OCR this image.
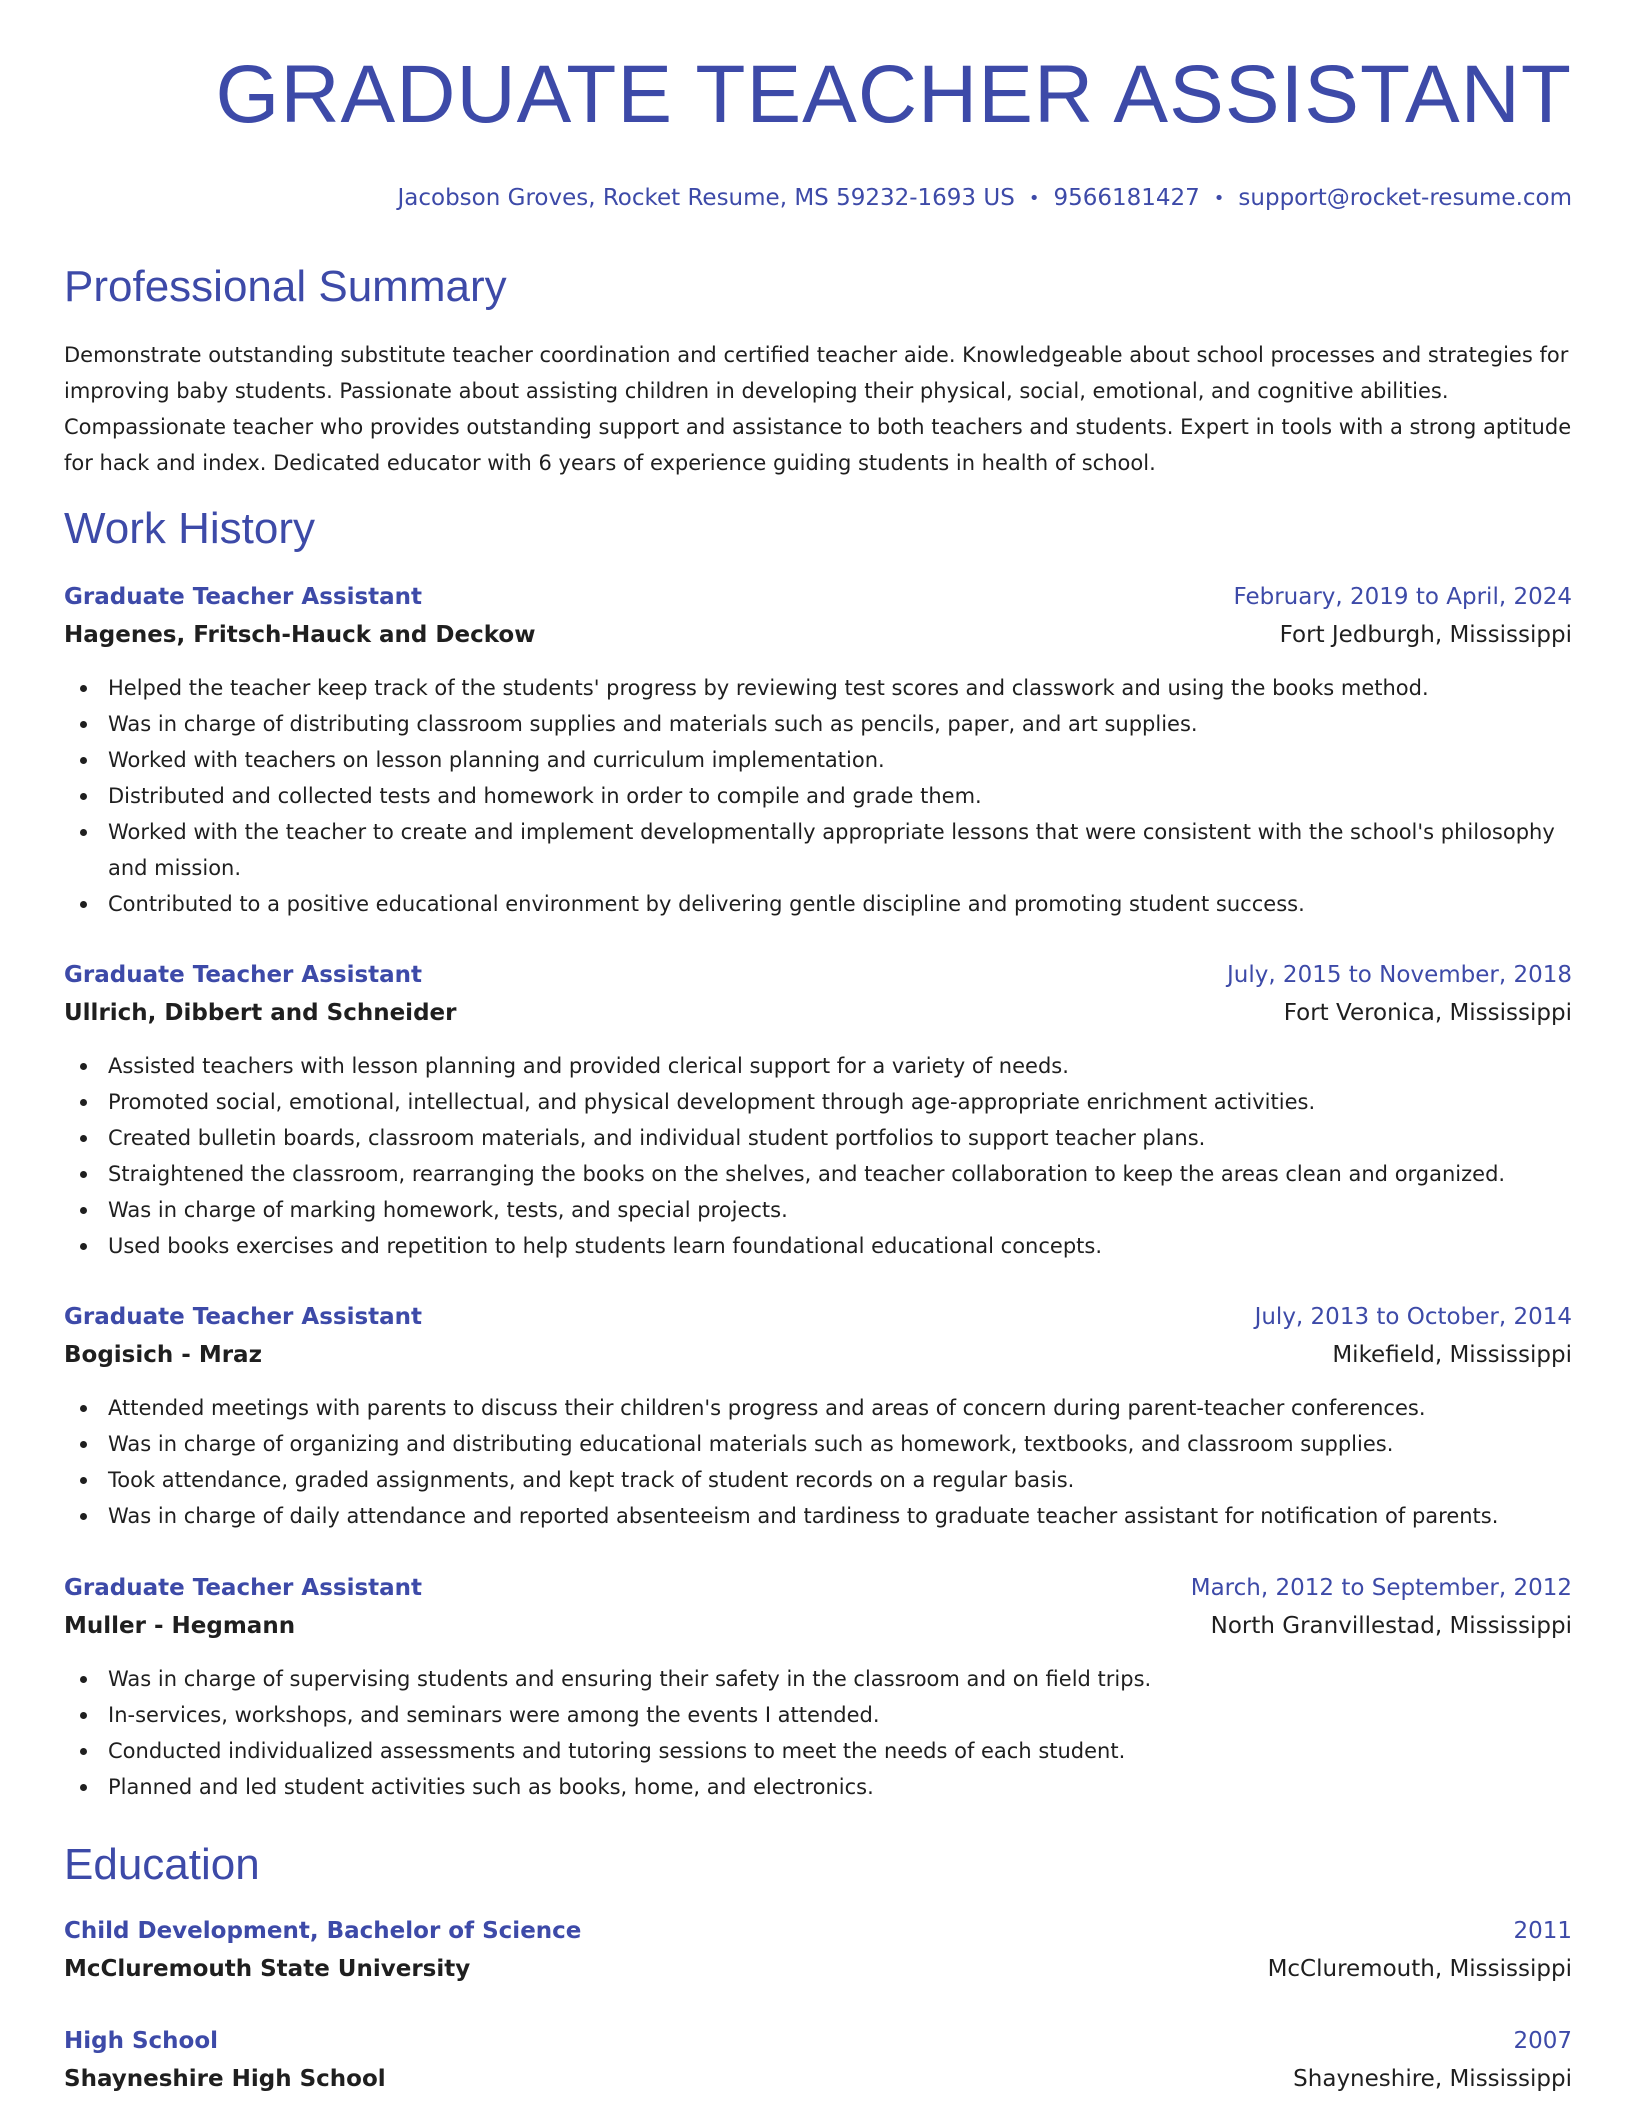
GRADUATE TEACHER ASSISTANT
Jacobson Groves, Rocket Resume, MS 59232-1693 US • 9566181427 • support@rocket-resume.com
Professional Summary

Demonstrate outstanding substitute teacher coordination and certified teacher aide. Knowledgeable about school processes and strategies for improving baby students. Passionate about assisting children in developing their physical, social, emotional, and cognitive abilities. Compassionate teacher who provides outstanding support and assistance to both teachers and students. Expert in tools with a strong aptitude for hack and index. Dedicated educator with 6 years of experience guiding students in health of school.

Work History
Graduate Teacher Assistant	February, 2019 to April, 2024
Hagenes, Fritsch-Hauck and Deckow	Fort Jedburgh, Mississippi
Helped the teacher keep track of the students' progress by reviewing test scores and classwork and using the books method.
Was in charge of distributing classroom supplies and materials such as pencils, paper, and art supplies.
Worked with teachers on lesson planning and curriculum implementation.
Distributed and collected tests and homework in order to compile and grade them.
Worked with the teacher to create and implement developmentally appropriate lessons that were consistent with the school's philosophy and mission.
Contributed to a positive educational environment by delivering gentle discipline and promoting student success.
Graduate Teacher Assistant	July, 2015 to November, 2018
Ullrich, Dibbert and Schneider	Fort Veronica, Mississippi
Assisted teachers with lesson planning and provided clerical support for a variety of needs.
Promoted social, emotional, intellectual, and physical development through age-appropriate enrichment activities.
Created bulletin boards, classroom materials, and individual student portfolios to support teacher plans.
Straightened the classroom, rearranging the books on the shelves, and teacher collaboration to keep the areas clean and organized.
Was in charge of marking homework, tests, and special projects.
Used books exercises and repetition to help students learn foundational educational concepts.
Graduate Teacher Assistant	July, 2013 to October, 2014
Bogisich - Mraz	Mikefield, Mississippi
Attended meetings with parents to discuss their children's progress and areas of concern during parent-teacher conferences.
Was in charge of organizing and distributing educational materials such as homework, textbooks, and classroom supplies.
Took attendance, graded assignments, and kept track of student records on a regular basis.
Was in charge of daily attendance and reported absenteeism and tardiness to graduate teacher assistant for notification of parents.
Graduate Teacher Assistant	March, 2012 to September, 2012
Muller - Hegmann	North Granvillestad, Mississippi
Was in charge of supervising students and ensuring their safety in the classroom and on field trips.
In-services, workshops, and seminars were among the events I attended.
Conducted individualized assessments and tutoring sessions to meet the needs of each student.
Planned and led student activities such as books, home, and electronics.
Education
Child Development, Bachelor of Science	2011
McCluremouth State University	McCluremouth, Mississippi
High School	2007
Shayneshire High School	Shayneshire, Mississippi
